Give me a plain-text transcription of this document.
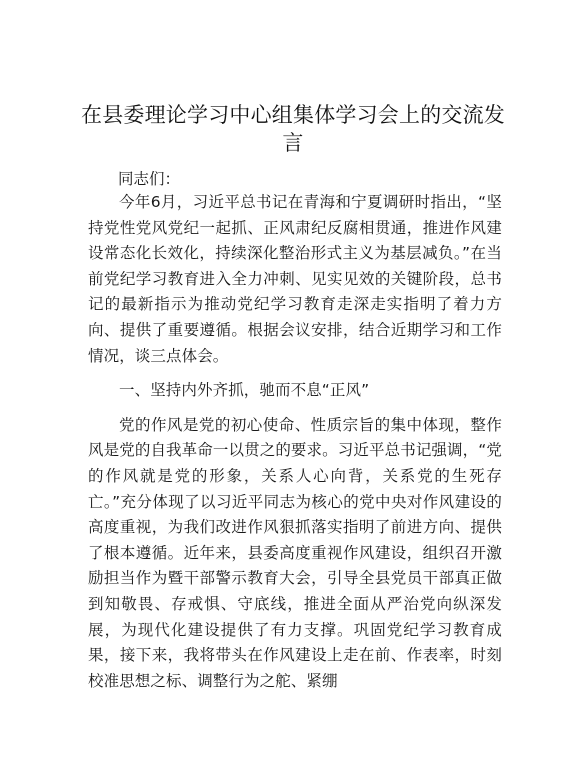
在县委理论学习中心组集体学习会上的交流发言

同志们：

今年6月，习近平总书记在青海和宁夏调研时指出，“坚持党性党风党纪一起抓、正风肃纪反腐相贯通，推进作风建设常态化长效化，持续深化整治形式主义为基层减负。”在当前党纪学习教育进入全力冲刺、见实见效的关键阶段，总书记的最新指示为推动党纪学习教育走深走实指明了着力方向、提供了重要遵循。根据会议安排，结合近期学习和工作情况，谈三点体会。

一、坚持内外齐抓，驰而不息“正风”

党的作风是党的初心使命、性质宗旨的集中体现，整作风是党的自我革命一以贯之的要求。习近平总书记强调，“党的作风就是党的形象，关系人心向背，关系党的生死存亡。”充分体现了以习近平同志为核心的党中央对作风建设的高度重视，为我们改进作风狠抓落实指明了前进方向、提供了根本遵循。近年来，县委高度重视作风建设，组织召开激励担当作为暨干部警示教育大会，引导全县党员干部真正做到知敬畏、存戒惧、守底线，推进全面从严治党向纵深发展，为现代化建设提供了有力支撑。巩固党纪学习教育成果，接下来，我将带头在作风建设上走在前、作表率，时刻校准思想之标、调整行为之舵、紧绷
